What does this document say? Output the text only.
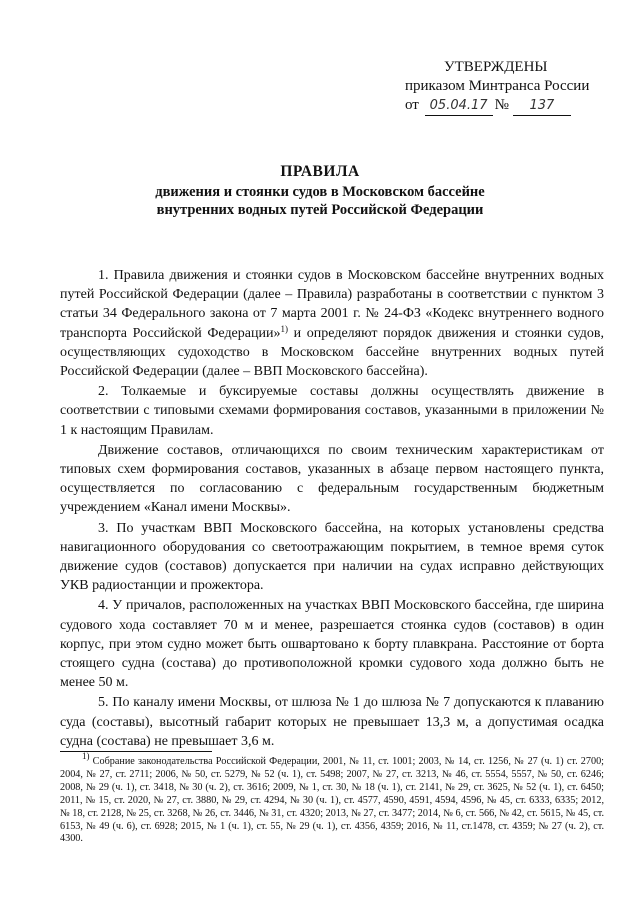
УТВЕРЖДЕНЫ
приказом Минтранса России
от 05.04.17 № 137
ПРАВИЛА
движения и стоянки судов в Московском бассейне
внутренних водных путей Российской Федерации

1. Правила движения и стоянки судов в Московском бассейне внутренних водных путей Российской Федерации (далее – Правила) разработаны в соответствии с пунктом 3 статьи 34 Федерального закона от 7 марта 2001 г. № 24-ФЗ «Кодекс внутреннего водного транспорта Российской Федерации»$^{1)}$ и определяют порядок движения и стоянки судов, осуществляющих судоходство в Московском бассейне внутренних водных путей Российской Федерации (далее – ВВП Московского бассейна).

2. Толкаемые и буксируемые составы должны осуществлять движение в соответствии с типовыми схемами формирования составов, указанными в приложении № 1 к настоящим Правилам.

Движение составов, отличающихся по своим техническим характеристикам от типовых схем формирования составов, указанных в абзаце первом настоящего пункта, осуществляется по согласованию с федеральным государственным бюджетным учреждением «Канал имени Москвы».

3. По участкам ВВП Московского бассейна, на которых установлены средства навигационного оборудования со светоотражающим покрытием, в темное время суток движение судов (составов) допускается при наличии на судах исправно действующих УКВ радиостанции и прожектора.

4. У причалов, расположенных на участках ВВП Московского бассейна, где ширина судового хода составляет 70 м и менее, разрешается стоянка судов (составов) в один корпус, при этом судно может быть ошвартовано к борту плавкрана. Расстояние от борта стоящего судна (состава) до противоположной кромки судового хода должно быть не менее 50 м.

5. По каналу имени Москвы, от шлюза № 1 до шлюза № 7 допускаются к плаванию суда (составы), высотный габарит которых не превышает 13,3 м, а допустимая осадка судна (состава) не превышает 3,6 м.

$^{1)}$ Собрание законодательства Российской Федерации, 2001, № 11, ст. 1001; 2003, № 14, ст. 1256, № 27 (ч. 1) ст. 2700; 2004, № 27, ст. 2711; 2006, № 50, ст. 5279, № 52 (ч. 1), ст. 5498; 2007, № 27, ст. 3213, № 46, ст. 5554, 5557, № 50, ст. 6246; 2008, № 29 (ч. 1), ст. 3418, № 30 (ч. 2), ст. 3616; 2009, № 1, ст. 30, № 18 (ч. 1), ст. 2141, № 29, ст. 3625, № 52 (ч. 1), ст. 6450; 2011, № 15, ст. 2020, № 27, ст. 3880, № 29, ст. 4294, № 30 (ч. 1), ст. 4577, 4590, 4591, 4594, 4596, № 45, ст. 6333, 6335; 2012, № 18, ст. 2128, № 25, ст. 3268, № 26, ст. 3446, № 31, ст. 4320; 2013, № 27, ст. 3477; 2014, № 6, ст. 566, № 42, ст. 5615, № 45, ст. 6153, № 49 (ч. 6), ст. 6928; 2015, № 1 (ч. 1), ст. 55, № 29 (ч. 1), ст. 4356, 4359; 2016, № 11, ст.1478, ст. 4359; № 27 (ч. 2), ст. 4300.
